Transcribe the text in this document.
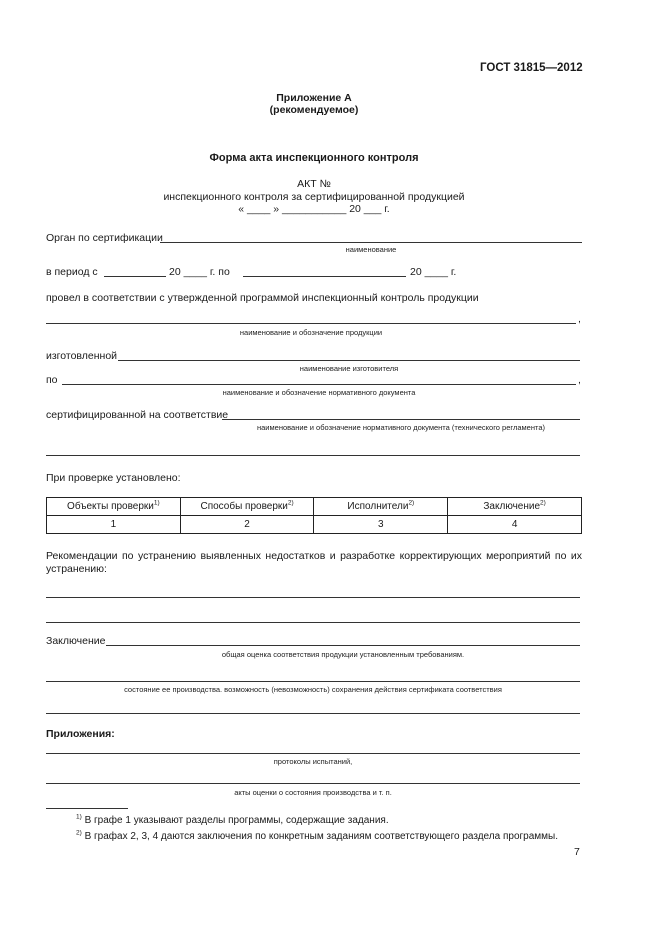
ГОСТ 31815—2012
Приложение А
(рекомендуемое)
Форма акта инспекционного контроля
АКТ №
инспекционного контроля за сертифицированной продукцией
« ____ » ___________ 20 ___ г.
Орган по сертификации
наименование
в период с	20 ____ г. по	20 ____ г.
провел в соответствии с утвержденной программой инспекционный контроль продукции
,
наименование и обозначение продукции
изготовленной
наименование изготовителя
по	,
наименование и обозначение нормативного документа
сертифицированной на соответствие
наименование и обозначение нормативного документа (технического регламента)
При проверке установлено:
Объекты проверки$^{1)}$	Способы проверки$^{2)}$	Исполнители$^{2)}$	Заключение$^{2)}$
1	2	3	4
Рекомендации по устранению выявленных недостатков и разработке корректирующих мероприятий по их устранению:
Заключение
общая оценка соответствия продукции установленным требованиям.
состояние ее производства. возможность (невозможность) сохранения действия сертификата соответствия
Приложения:
протоколы испытаний,
акты оценки о состояния производства и т. п.
$^{1)}$ В графе 1 указывают разделы программы, содержащие задания.
$^{2)}$ В графах 2, 3, 4 даются заключения по конкретным заданиям соответствующего раздела программы.
7
